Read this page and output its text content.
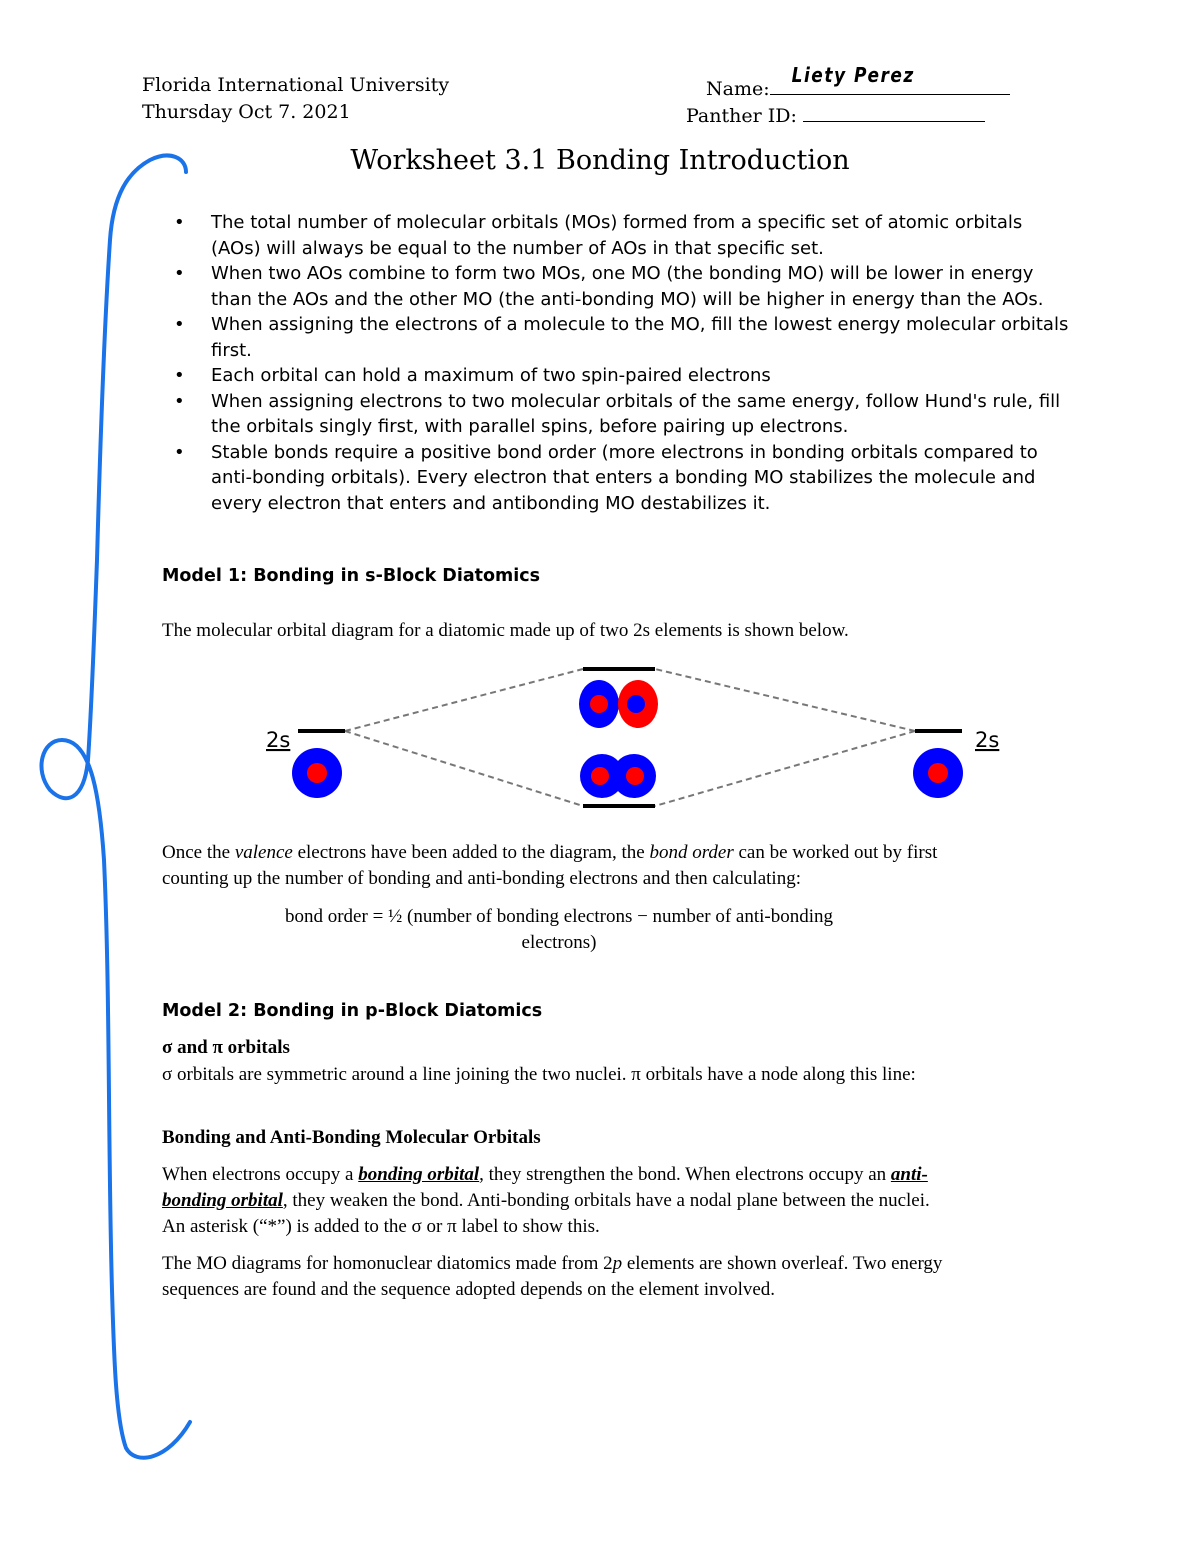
Florida International University
Thursday Oct 7. 2021
Name:
Liety Perez
Panther ID:
Worksheet 3.1 Bonding Introduction
• The total number of molecular orbitals (MOs) formed from a specific set of atomic orbitals (AOs) will always be equal to the number of AOs in that specific set.
• When two AOs combine to form two MOs, one MO (the bonding MO) will be lower in energy than the AOs and the other MO (the anti-bonding MO) will be higher in energy than the AOs.
• When assigning the electrons of a molecule to the MO, fill the lowest energy molecular orbitals first.
• Each orbital can hold a maximum of two spin-paired electrons
• When assigning electrons to two molecular orbitals of the same energy, follow Hund's rule, fill the orbitals singly first, with parallel spins, before pairing up electrons.
• Stable bonds require a positive bond order (more electrons in bonding orbitals compared to anti-bonding orbitals). Every electron that enters a bonding MO stabilizes the molecule and every electron that enters and antibonding MO destabilizes it.
Model 1: Bonding in s-Block Diatomics
The molecular orbital diagram for a diatomic made up of two 2s elements is shown below.
2s	2s
Once the valence electrons have been added to the diagram, the bond order can be worked out by first counting up the number of bonding and anti-bonding electrons and then calculating:
bond order = ½ (number of bonding electrons − number of anti-bonding
electrons)
Model 2: Bonding in p-Block Diatomics
σ and π orbitals
σ orbitals are symmetric around a line joining the two nuclei. π orbitals have a node along this line:
Bonding and Anti-Bonding Molecular Orbitals
When electrons occupy a bonding orbital, they strengthen the bond. When electrons occupy an anti-bonding orbital, they weaken the bond. Anti-bonding orbitals have a nodal plane between the nuclei. An asterisk (“*”) is added to the σ or π label to show this.
The MO diagrams for homonuclear diatomics made from 2p elements are shown overleaf. Two energy sequences are found and the sequence adopted depends on the element involved.
